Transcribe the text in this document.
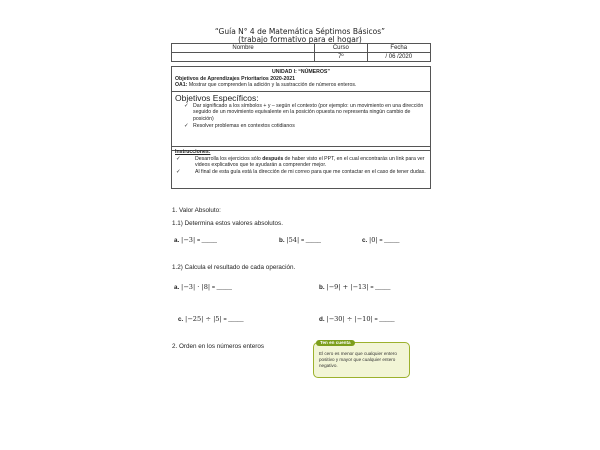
“Guía N° 4 de Matemática Séptimos Básicos”
(trabajo formativo para el hogar)
Nombre	Curso	Fecha
	7º	/ 06 /2020
UNIDAD I: “NÚMEROS”
Objetivos de Aprendizajes Prioritarios 2020-2021
OA1: Mostrar que comprenden la adición y la sustracción de números enteros.
Objetivos Específicos:
✓ Dar significado a los símbolos + y – según el contexto (por ejemplo: un movimiento en una dirección seguido de un movimiento equivalente en la posición opuesta no representa ningún cambio de posición)
✓ Resolver problemas en contextos cotidianos
Instrucciones:
✓	Desarrolla los ejercicios sólo después de haber visto el PPT, en el cual encontrarás un link para ver videos explicativos que te ayudarán a comprender mejor.
✓	Al final de esta guía está la dirección de mi correo para que me contactar en el caso de tener dudas.
1. Valor Absoluto:
1.1) Determina estos valores absolutos.
a. |−3| = _____	b. |54| = _____	c. |0| = _____
1.2) Calcula el resultado de cada operación.
a. |−3| · |8| = _____	b. |−9| + |−13| = _____
c. |−25| ÷ |5| = _____	d. |−30| ÷ |−10| = _____
2. Orden en los números enteros
Ten en cuenta
El cero es menor que cualquier entero positivo y mayor que cualquier entero negativo.
